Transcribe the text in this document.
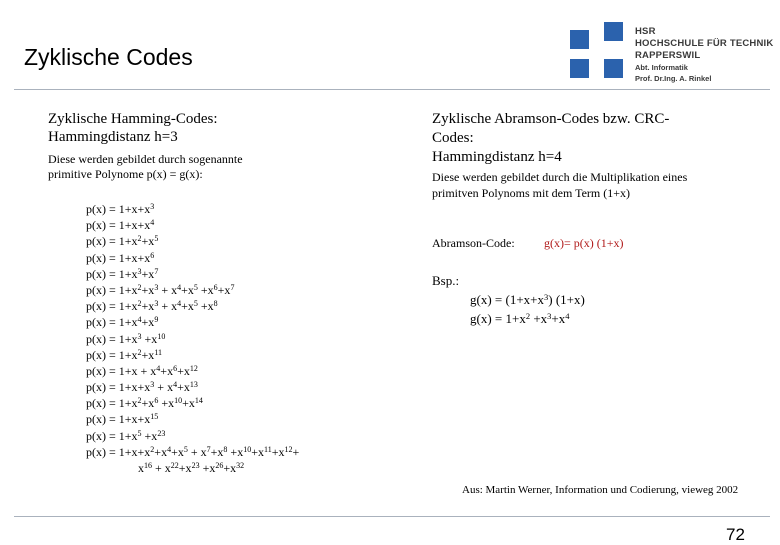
Zyklische Codes
HSR
HOCHSCHULE FÜR TECHNIK
RAPPERSWIL
Abt. Informatik
Prof. Dr.Ing. A. Rinkel
Zyklische Hamming-Codes:
Hammingdistanz h=3
Diese werden gebildet durch sogenannte
primitive Polynome p(x) = g(x):
$p(x) = 1+x+x^3$
$p(x) = 1+x+x^4$
$p(x) = 1+x^2+x^5$
$p(x) = 1+x+x^6$
$p(x) = 1+x^3+x^7$
$p(x) = 1+x^2+x^3 + x^4+x^5 +x^6+x^7$
$p(x) = 1+x^2+x^3 + x^4+x^5 +x^8$
$p(x) = 1+x^4+x^9$
$p(x) = 1+x^3 +x^{10}$
$p(x) = 1+x^2+x^{11}$
$p(x) = 1+x + x^4+x^6+x^{12}$
$p(x) = 1+x+x^3 + x^4+x^{13}$
$p(x) = 1+x^2+x^6 +x^{10}+x^{14}$
$p(x) = 1+x+x^{15}$
$p(x) = 1+x^5 +x^{23}$
$p(x) = 1+x+x^2+x^4+x^5 + x^7+x^8 +x^{10}+x^{11}+x^{12}+$
$x^{16} + x^{22}+x^{23} +x^{26}+x^{32}$
Zyklische Abramson-Codes bzw. CRC-
Codes:
Hammingdistanz h=4
Diese werden gebildet durch die Multiplikation eines
primitven Polynoms mit dem Term (1+x)
Abramson-Code: g(x)= p(x) (1+x)
Bsp.:
$g(x) = (1+x+x^3)$ (1+x)
$g(x) = 1+x^2 +x^3+x^4$
Aus: Martin Werner, Information und Codierung, vieweg 2002
72
